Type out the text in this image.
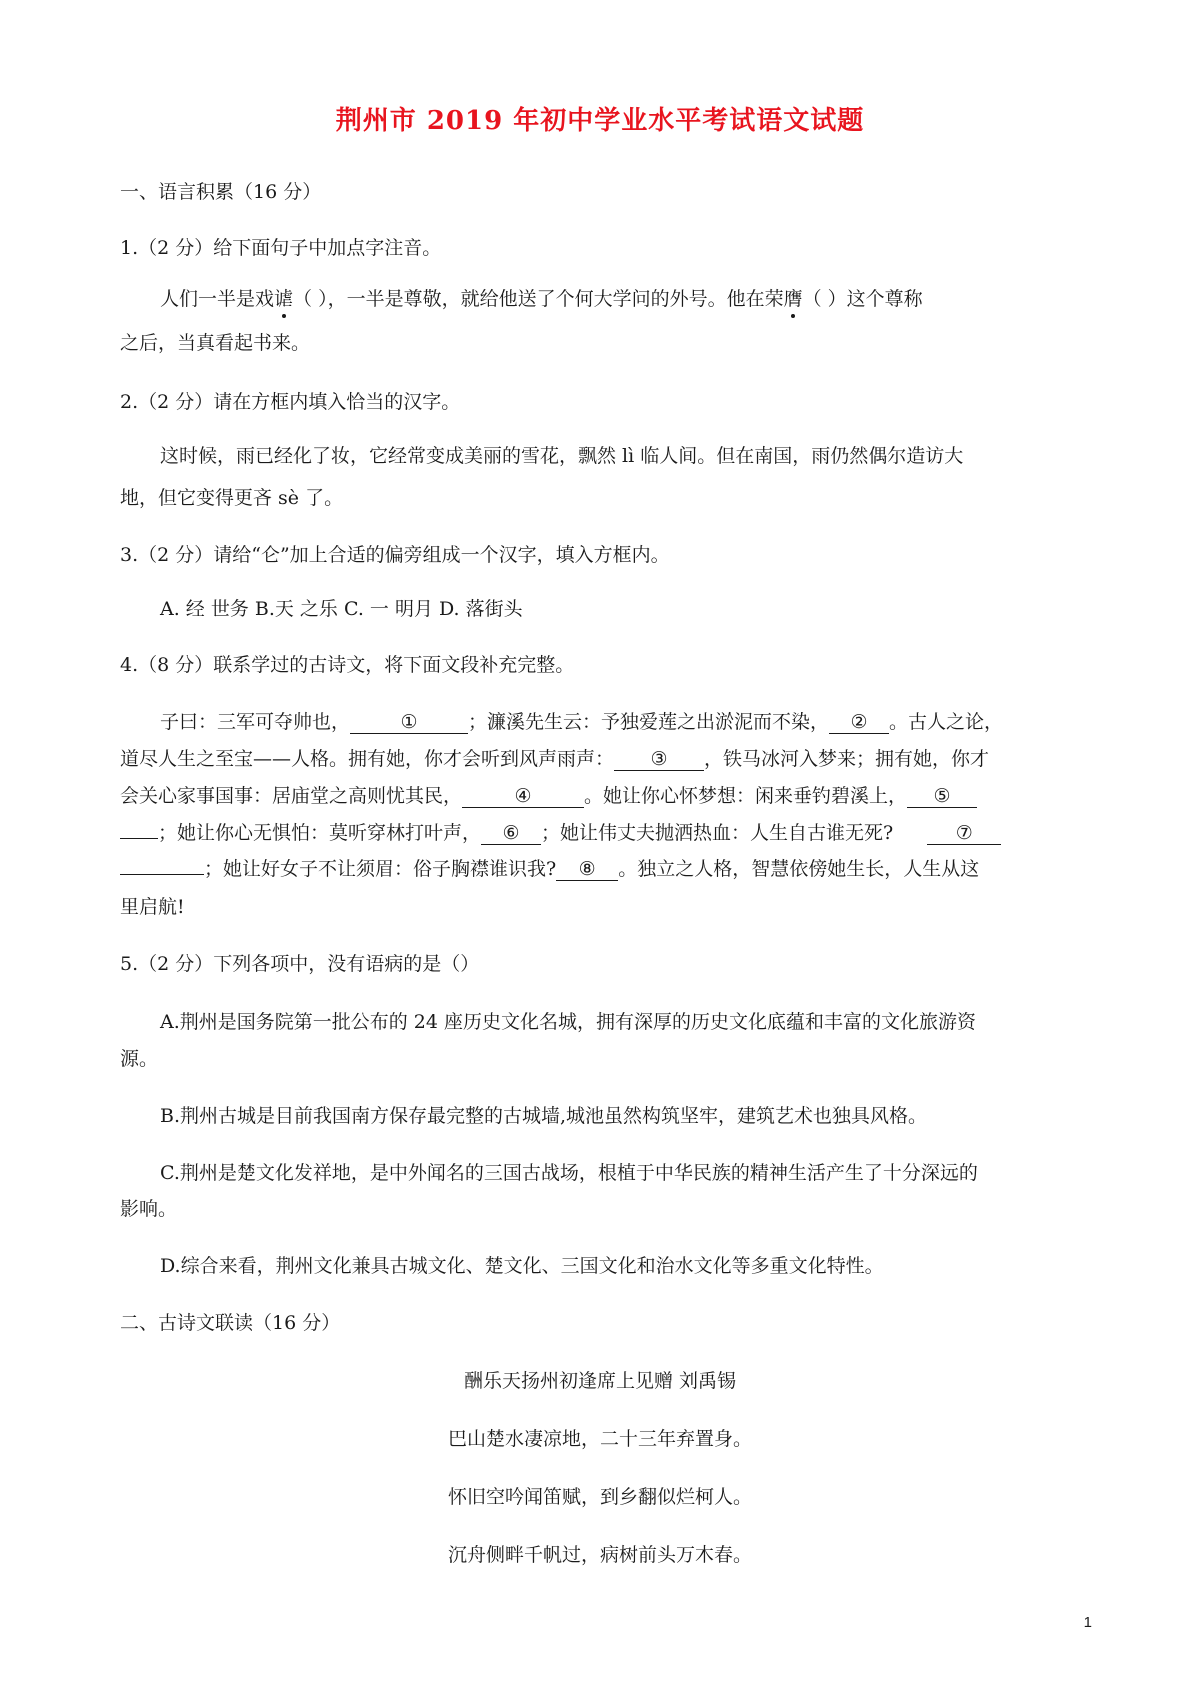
荆州市 2019 年初中学业水平考试语文试题
一、语言积累（16 分）
1.（2 分）给下面句子中加点字注音。
人们一半是戏谑（ ），一半是尊敬，就给他送了个何大学问的外号。他在荣膺（ ）这个尊称
之后，当真看起书来。
2.（2 分）请在方框内填入恰当的汉字。
这时候，雨已经化了妆，它经常变成美丽的雪花，飘然 lì 临人间。但在南国，雨仍然偶尔造访大
地，但它变得更吝 sè 了。
3.（2 分）请给“仑”加上合适的偏旁组成一个汉字，填入方框内。
A. 经 世务 B.天 之乐 C. 一 明月 D. 落街头
4.（8 分）联系学过的古诗文，将下面文段补充完整。
子曰：三军可夺帅也，	①	；濂溪先生云：予独爱莲之出淤泥而不染， ② 。古人之论，
道尽人生之至宝——人格。拥有她，你才会听到风声雨声： ③ ，铁马冰河入梦来；拥有她，你才
会关心家事国事：居庙堂之高则忧其民，	④	。她让你心怀梦想：闲来垂钓碧溪上， ⑤
；她让你心无惧怕：莫听穿林打叶声， ⑥ ；她让伟丈夫抛洒热血：人生自古谁无死?	⑦
；她让好女子不让须眉：俗子胸襟谁识我? ⑧ 。独立之人格，智慧依傍她生长，人生从这
里启航!
5.（2 分）下列各项中，没有语病的是（）
A.荆州是国务院第一批公布的 24 座历史文化名城，拥有深厚的历史文化底蕴和丰富的文化旅游资
源。
B.荆州古城是目前我国南方保存最完整的古城墙,城池虽然构筑坚牢，建筑艺术也独具风格。
C.荆州是楚文化发祥地，是中外闻名的三国古战场，根植于中华民族的精神生活产生了十分深远的
影响。
D.综合来看，荆州文化兼具古城文化、楚文化、三国文化和治水文化等多重文化特性。
二、古诗文联读（16 分）
酬乐天扬州初逢席上见赠 刘禹锡
巴山楚水凄凉地，二十三年弃置身。
怀旧空吟闻笛赋，到乡翻似烂柯人。
沉舟侧畔千帆过，病树前头万木春。
1
